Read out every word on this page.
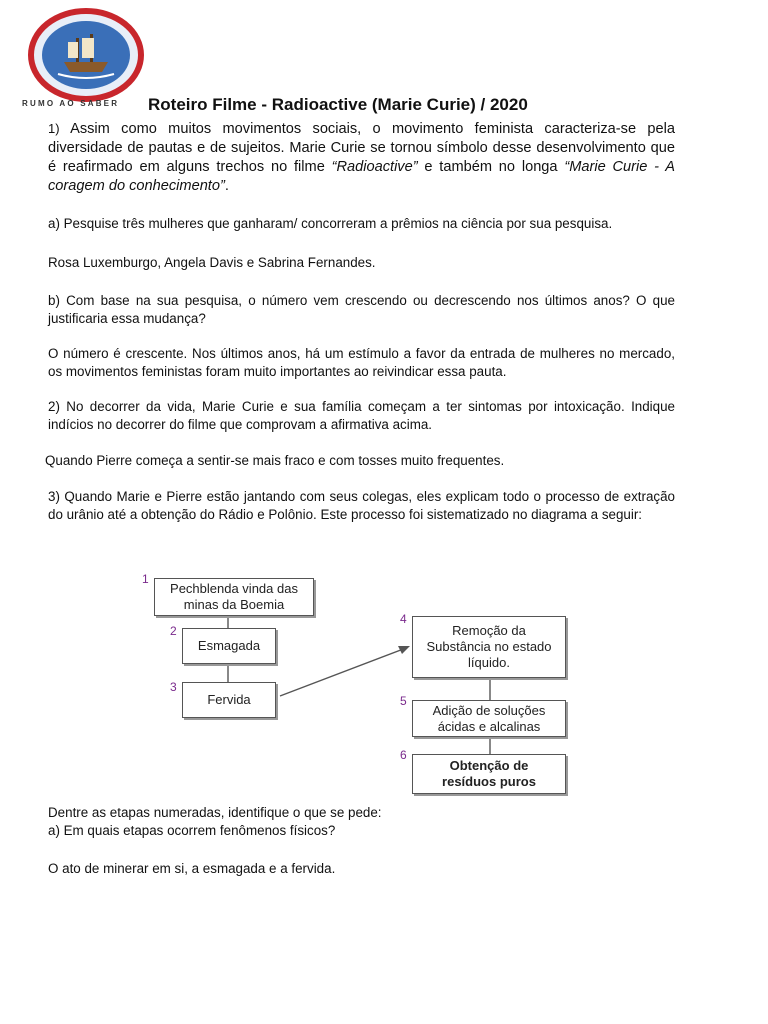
RUMO AO SABER Roteiro Filme - Radioactive (Marie Curie) / 2020

1) Assim como muitos movimentos sociais, o movimento feminista caracteriza-se pela diversidade de pautas e de sujeitos. Marie Curie se tornou símbolo desse desenvolvimento que é reafirmado em alguns trechos no filme “Radioactive” e também no longa “Marie Curie - A coragem do conhecimento”.

a) Pesquise três mulheres que ganharam/ concorreram a prêmios na ciência por sua pesquisa.

Rosa Luxemburgo, Angela Davis e Sabrina Fernandes.

b) Com base na sua pesquisa, o número vem crescendo ou decrescendo nos últimos anos? O que justificaria essa mudança?

O número é crescente. Nos últimos anos, há um estímulo a favor da entrada de mulheres no mercado, os movimentos feministas foram muito importantes ao reivindicar essa pauta.

2) No decorrer da vida, Marie Curie e sua família começam a ter sintomas por intoxicação. Indique indícios no decorrer do filme que comprovam a afirmativa acima.

Quando Pierre começa a sentir-se mais fraco e com tosses muito frequentes.

3) Quando Marie e Pierre estão jantando com seus colegas, eles explicam todo o processo de extração do urânio até a obtenção do Rádio e Polônio. Este processo foi sistematizado no diagrama a seguir:

1
Pechblenda vinda das minas da Boemia
2
Esmagada
3
Fervida
4
Remoção da Substância no estado líquido.
5
Adição de soluções ácidas e alcalinas
6
Obtenção de resíduos puros

Dentre as etapas numeradas, identifique o que se pede:

a) Em quais etapas ocorrem fenômenos físicos?

O ato de minerar em si, a esmagada e a fervida.
